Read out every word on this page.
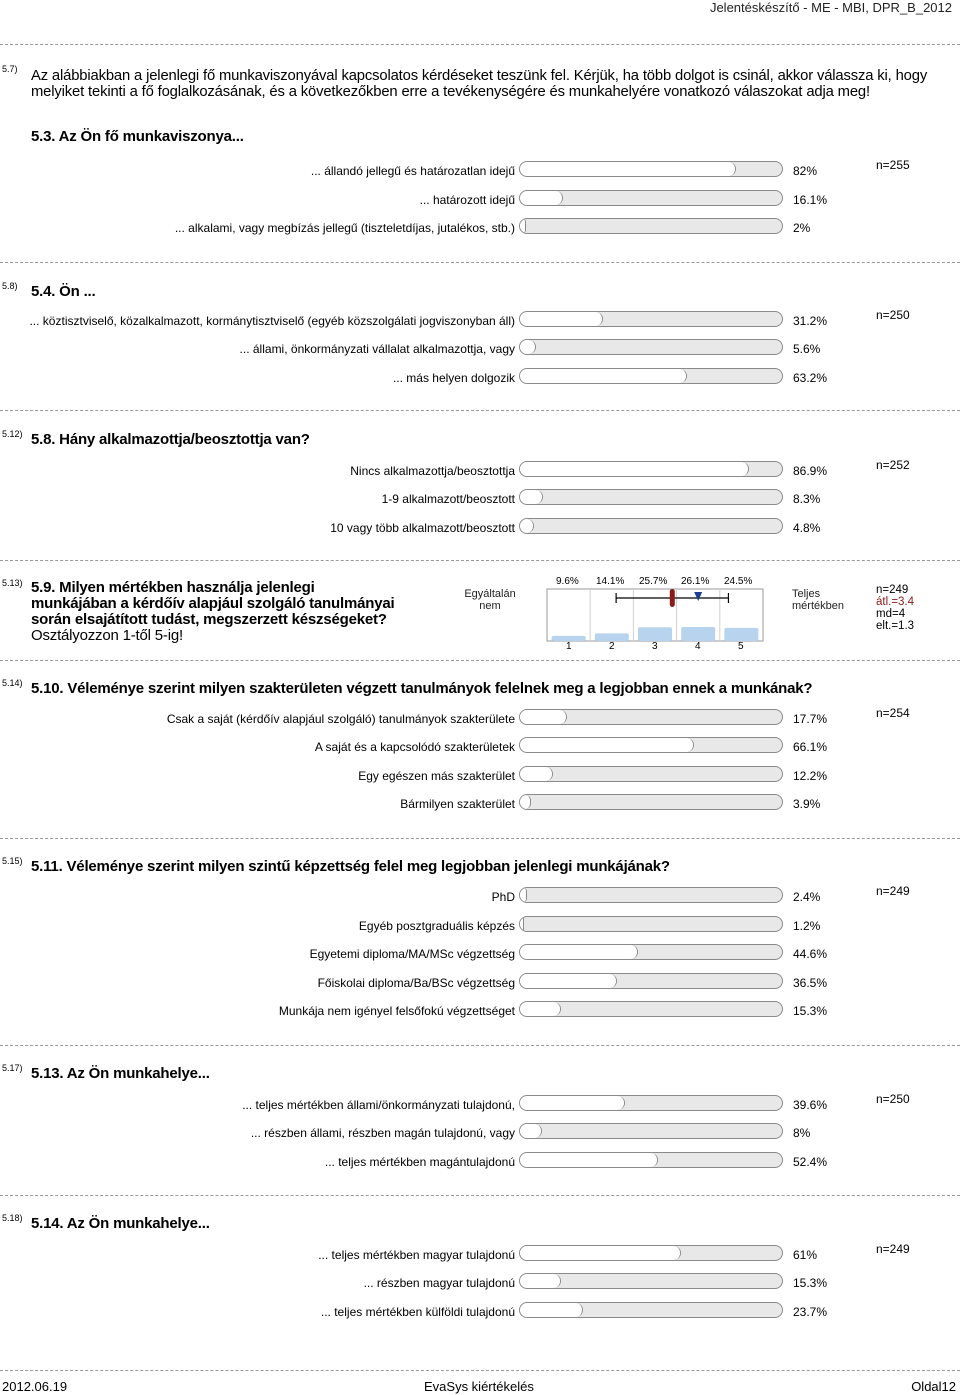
Jelentéskészítő - ME - MBI, DPR_B_2012
5.7) Az alábbiakban a jelenlegi fő munkaviszonyával kapcsolatos kérdéseket teszünk fel. Kérjük, ha több dolgot is csinál, akkor válassza ki, hogy melyiket tekinti a fő foglalkozásának, és a következőkben erre a tevékenységére és munkahelyére vonatkozó válaszokat adja meg!
5.3. Az Ön fő munkaviszonya...
... állandó jellegű és határozatlan idejű	82%
... határozott idejű	16.1%
... alkalami, vagy megbízás jellegű (tiszteletdíjas, jutalékos, stb.)	2%
n=255
5.8) 5.4. Ön ...
... köztisztviselő, közalkalmazott, kormánytisztviselő (egyéb közszolgálati jogviszonyban áll)	31.2%
... állami, önkormányzati vállalat alkalmazottja, vagy	5.6%
... más helyen dolgozik	63.2%
n=250
5.12) 5.8. Hány alkalmazottja/beosztottja van?
Nincs alkalmazottja/beosztottja	86.9%
1-9 alkalmazott/beosztott	8.3%
10 vagy több alkalmazott/beosztott	4.8%
n=252
5.13) 5.9. Milyen mértékben használja jelenlegi munkájában a kérdőív alapjául szolgáló tanulmányai során elsajátított tudást, megszerzett készségeket? Osztályozzon 1-től 5-ig!
Egyáltalán nem
Teljes mértékben
9.6% 14.1% 25.7% 26.1% 24.5%
1	2	3	4	5
n=249
átl.=3.4
md=4
elt.=1.3
5.14) 5.10. Véleménye szerint milyen szakterületen végzett tanulmányok felelnek meg a legjobban ennek a munkának?
Csak a saját (kérdőív alapjául szolgáló) tanulmányok szakterülete	17.7%
A saját és a kapcsolódó szakterületek	66.1%
Egy egészen más szakterület	12.2%
Bármilyen szakterület	3.9%
n=254
5.15) 5.11. Véleménye szerint milyen szintű képzettség felel meg legjobban jelenlegi munkájának?
PhD	2.4%
Egyéb posztgraduális képzés	1.2%
Egyetemi diploma/MA/MSc végzettség	44.6%
Főiskolai diploma/Ba/BSc végzettség	36.5%
Munkája nem igényel felsőfokú végzettséget	15.3%
n=249
5.17) 5.13. Az Ön munkahelye...
... teljes mértékben állami/önkormányzati tulajdonú,	39.6%
... részben állami, részben magán tulajdonú, vagy	8%
... teljes mértékben magántulajdonú	52.4%
n=250
5.18) 5.14. Az Ön munkahelye...
... teljes mértékben magyar tulajdonú	61%
... részben magyar tulajdonú	15.3%
... teljes mértékben külföldi tulajdonú	23.7%
n=249
2012.06.19	EvaSys kiértékelés	Oldal12
